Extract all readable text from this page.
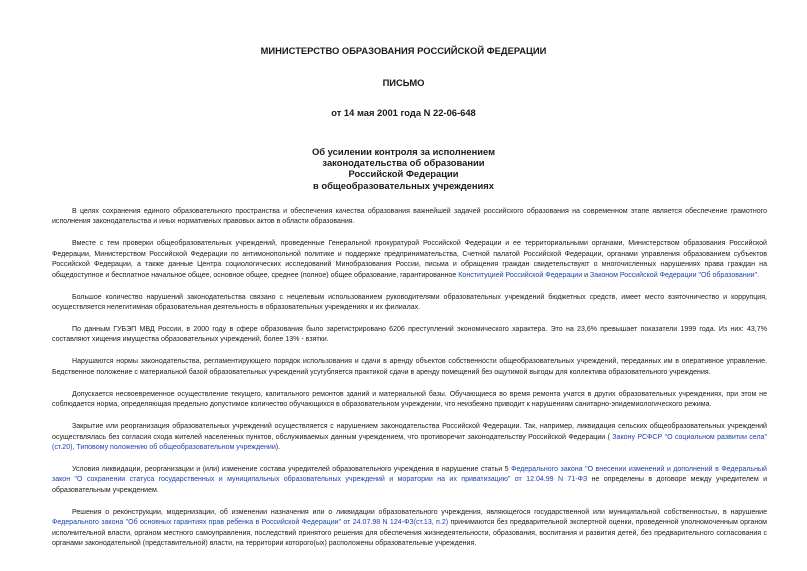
МИНИСТЕРСТВО ОБРАЗОВАНИЯ РОССИЙСКОЙ ФЕДЕРАЦИИ
ПИСЬМО
от 14 мая 2001 года N 22-06-648
Об усилении контроля за исполнением
законодательства об образовании
Российской Федерации
в общеобразовательных учреждениях

В целях сохранения единого образовательного пространства и обеспечения качества образования важнейшей задачей российского образования на современном этапе является обеспечение грамотного исполнения законодательства и иных нормативных правовых актов в области образования.

Вместе с тем проверки общеобразовательных учреждений, проведенные Генеральной прокуратурой Российской Федерации и ее территориальными органами, Министерством образования Российской Федерации, Министерством Российской Федерации по антимонопольной политике и поддержке предпринимательства, Счетной палатой Российской Федерации, органами управления образованием субъектов Российской Федерации, а также данные Центра социологических исследований Минобразования России, письма и обращения граждан свидетельствуют о многочисленных нарушениях права граждан на общедоступное и бесплатное начальное общее, основное общее, среднее (полное) общее образование, гарантированное Конституцией Российской Федерации и Законом Российской Федерации "Об образовании".

Большое количество нарушений законодательства связано с нецелевым использованием руководителями образовательных учреждений бюджетных средств, имеет место взяточничество и коррупция, осуществляется нелегитимная образовательная деятельность в образовательных учреждениях и их филиалах.

По данным ГУБЭП МВД России, в 2000 году в сфере образования было зарегистрировано 6206 преступлений экономического характера. Это на 23,6% превышает показатели 1999 года. Из них: 43,7% составляют хищения имущества образовательных учреждений, более 13% - взятки.

Нарушаются нормы законодательства, регламентирующего порядок использования и сдачи в аренду объектов собственности общеобразовательных учреждений, переданных им в оперативное управление. Бедственное положение с материальной базой образовательных учреждений усугубляется практикой сдачи в аренду помещений без ощутимой выгоды для коллектива образовательного учреждения.

Допускается несвоевременное осуществление текущего, капитального ремонтов зданий и материальной базы. Обучающиеся во время ремонта учатся в других образовательных учреждениях, при этом не соблюдается норма, определяющая предельно допустимое количество обучающихся в образовательном учреждении, что неизбежно приводит к нарушениям санитарно-эпидемиологического режима.

Закрытие или реорганизация образовательных учреждений осуществляется с нарушением законодательства Российской Федерации. Так, например, ликвидация сельских общеобразовательных учреждений осуществлялась без согласия схода жителей населенных пунктов, обслуживаемых данным учреждением, что противоречит законодательству Российской Федерации ( Закону РСФСР "О социальном развитии села" (ст.20), Типовому положению об общеобразовательном учреждении).

Условия ликвидации, реорганизации и (или) изменение состава учредителей образовательного учреждения в нарушение статьи 5 Федерального закона "О внесении изменений и дополнений в Федеральный закон "О сохранении статуса государственных и муниципальных образовательных учреждений и моратории на их приватизацию" от 12.04.99 N 71-ФЗ не определены в договоре между учредителем и образовательным учреждением.

Решения о реконструкции, модернизации, об изменении назначения или о ликвидации образовательного учреждения, являющегося государственной или муниципальной собственностью, в нарушение Федерального закона "Об основных гарантиях прав ребенка в Российской Федерации" от 24.07.98 N 124-ФЗ(ст.13, п.2) принимаются без предварительной экспертной оценки, проведенной уполномоченным органом исполнительной власти, органом местного самоуправления, последствий принятого решения для обеспечения жизнедеятельности, образования, воспитания и развития детей, без предварительного согласования с органами законодательной (представительной) власти, на территории которого(ых) расположены образовательные учреждения.
